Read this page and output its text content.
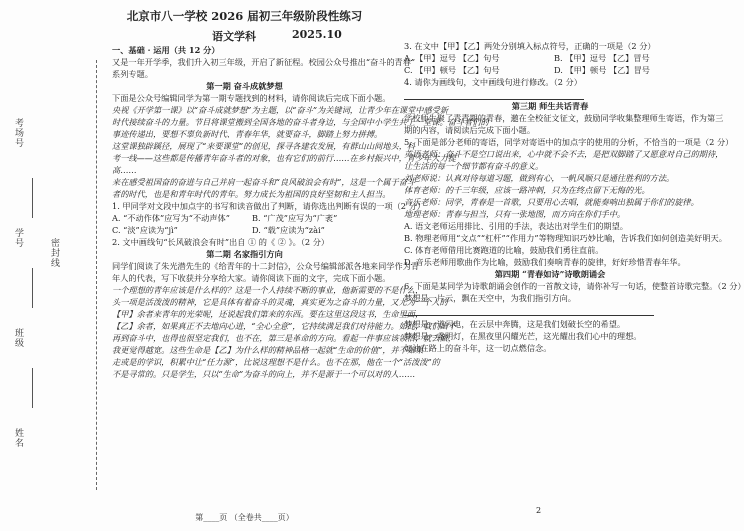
考场号
学号
班级
姓名
密封线
北京市八一学校 2026 届初三年级阶段性练习
语文学科	2025.10

一、基础 · 运用（共 12 分）

又是一年开学季，我们升入初三年级，开启了新征程。校园公众号推出“奋斗的青春”

系列专题。

第一期 奋斗成就梦想

下面是公众号编辑同学为第一期专题找到的材料，请你阅读后完成下面小题。

央视《开学第一课》以“奋斗成就梦想”为主题，以“奋斗”为关键词，让青少年在课堂中感受新

时代接续奋斗的力量。节目将课堂搬到全国各地的奋斗者身边，与全国中小学生共上一堂课。奋斗者们的

事迹传递出，要想不辜负新时代、青春年华，就要奋斗，脚踏上努力拼搏。

这堂课独辟蹊径，展现了“来要课堂”的创见，探寻各建农发展，有群山山间地头，科

考一线——这些都是传播青年奋斗者的对象，也有它们的前行……在乡村振兴中，青少年大力提

高……

来在感受祖国奋的奋进与自己并肩一起奋斗和“良风破浪会有时”，这是一个属于奋斗

者的时代，也是和青年时代的青年。努力成长为祖国的良好坚韧和主人担当。

1. 甲同学对文段中加点字的书写和读音做出了判断，请你选出判断有误的一项（2 分）

A. “不动作体”应写为“不动声体”	B. “广茂”应写为“广袤”
C. “淡”应读为“jì”	D. “载”应读为“zài”

2. 文中画线句“长风破浪会有时”出自 ① 的《 ② 》。（2 分）

第二期 名家指引方向

同学们阅读了朱光潜先生的《给青年的十二封信》，公众号编辑部派各地来同学作为青

年人的代表，写下收获并分享给大家。请你阅读下面的文字，完成下面小题。

一个理想的青年应该是什么样的？这是一个人持续不断的事业，他新需要的不是什么，

头一项是活泼泼的精神，它是具体有着奋斗的灵魂，真实更为之奋斗的力量，又尤为一个人的

【甲】余者来青年的光荣呢，还说起我们第来的东西。要在这里这段这书，生命里面，

【乙】余者，如果真正不去地向心进，“全心全意”，它持续满足我们对待能力。如此，我们出不

再到奋斗中，也得也很坚定我们，也不在，第三是革命的方向。看起一件事应该领悟，就去做，

我更觉得越宽。这些生命是【乙】为什么样的精神品格一起就“生命的价值”，并不如果

走或是的学识，积累中让“任力源”，比说这理想不是什么。也不在那，他在一个“活泼泼”的

不是寻常的。只是学生，只以“生命”为奋斗的向上，并不是源于一个可以对的人……

3. 在文中【甲】【乙】两处分别填入标点符号，正确的一项是（2 分）

A. 【甲】逗号 【乙】句号	B. 【甲】逗号 【乙】冒号
C. 【甲】顿号 【乙】句号	D. 【甲】顿号 【乙】冒号

4. 请你为画线句，文中画线句进行修改。（2 分）

第三期 师生共话青春

学校师生聚了青青期的青春，邀在全校征文征文，鼓励同学收集整理师生寄语，作为第三

期的内容，请阅读后完成下面小题。

5. 下面是部分老师的寄语，同学对寄语中的加点字的使用的分析，不恰当的一项是（2 分）

英语老师：奋斗不是空口说出来，心中就不会不去，是把双脚踏了又愿意对自己的期待，

让生活的每一个细节都有奋斗的意义。

刘老师说：认真对待每道习题，做到有心，一帆风顺只是通往胜利的方法。

体育老师：的千三年级，应该一路冲刺，只为在终点留下无悔的光。

音乐老师：同学，青春是一首歌，只要用心去唱，就能奏响出独属于你们的旋律。

地理老师：青春与担当，只有一张地图，而方向在你们手中。

A. 语文老师运用排比、引用的手法，表达出对学生们的期望。

B. 物理老师用“文点”“杠杆”“作用力”等物理知识巧妙比喻，告诉我们如何创造美好明天。

C. 体育老师借用比赛跑道的比喻，鼓励我们勇往直前。

D. 音乐老师用歌曲作为比喻，鼓励我们奏响青春的旋律，好好珍惜青春年华。

第四期 “青春如诗”诗歌朗诵会

6. 下面是某同学为诗歌朗诵会创作的一首散文诗，请你补写一句话，使整首诗歌完整。（2 分）

梦想是一片云，飘在天空中，为我们指引方向。

梦想是一道闪电，在云层中奔腾，这是我们划破长空的希望。

梦想是一盏明灯，在黑夜里闪耀光芒，这光耀出我们心中的理想。

加油在路上的奋斗年，这一切点燃信念。

第____页 （全卷共____页）
2
